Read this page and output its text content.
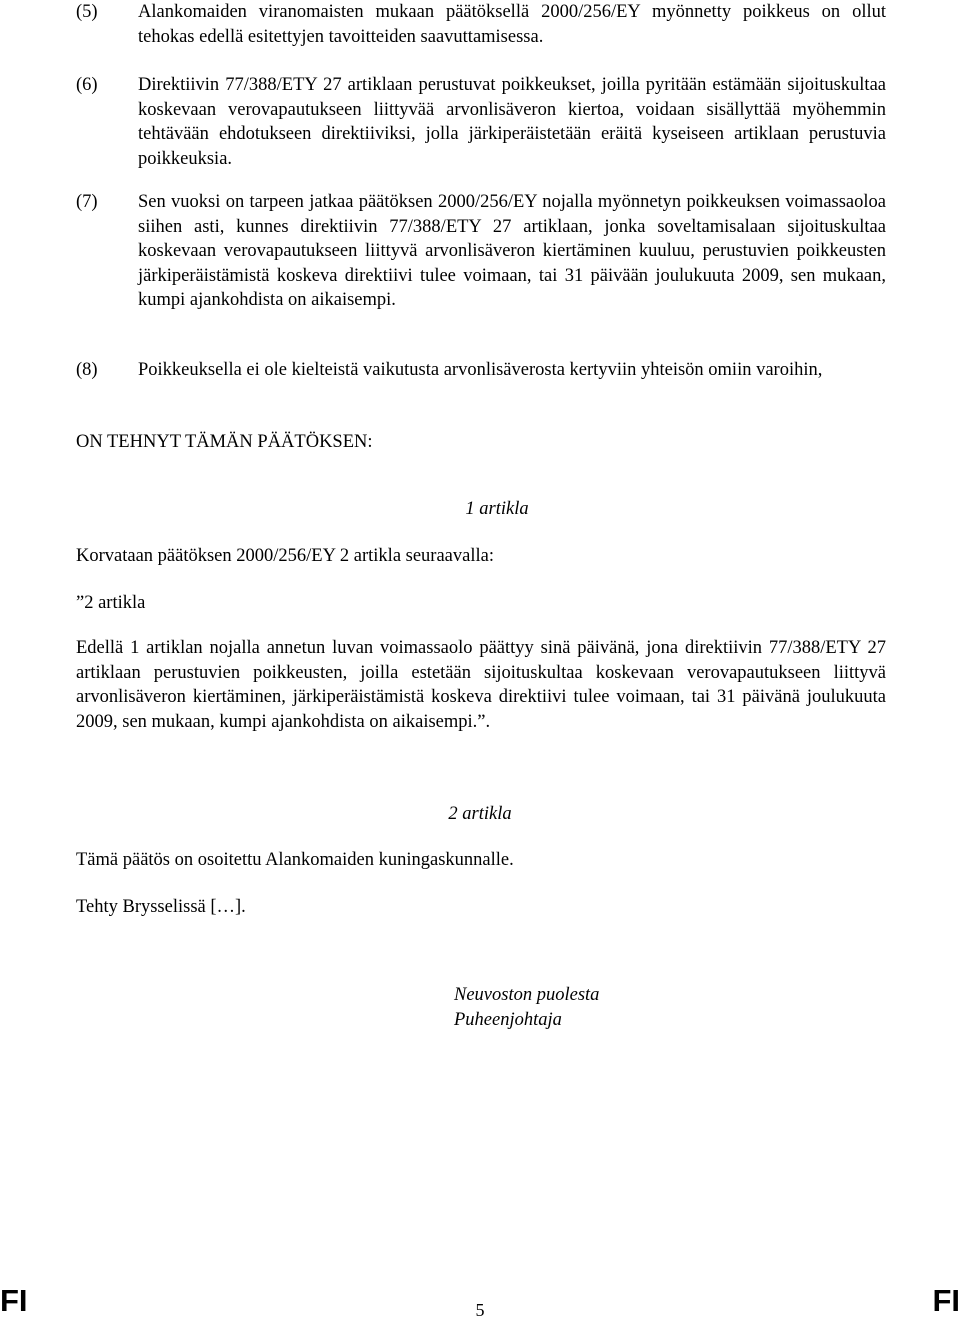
(5)	Alankomaiden viranomaisten mukaan päätöksellä 2000/256/EY myönnetty poikkeus on ollut tehokas edellä esitettyjen tavoitteiden saavuttamisessa.
(6)	Direktiivin 77/388/ETY 27 artiklaan perustuvat poikkeukset, joilla pyritään estämään sijoituskultaa koskevaan verovapautukseen liittyvää arvonlisäveron kiertoa, voidaan sisällyttää myöhemmin tehtävään ehdotukseen direktiiviksi, jolla järkiperäistetään eräitä kyseiseen artiklaan perustuvia poikkeuksia.
(7)	Sen vuoksi on tarpeen jatkaa päätöksen 2000/256/EY nojalla myönnetyn poikkeuksen voimassaoloa siihen asti, kunnes direktiivin 77/388/ETY 27 artiklaan, jonka soveltamisalaan sijoituskultaa koskevaan verovapautukseen liittyvä arvonlisäveron kiertäminen kuuluu, perustuvien poikkeusten järkiperäistämistä koskeva direktiivi tulee voimaan, tai 31 päivään joulukuuta 2009, sen mukaan, kumpi ajankohdista on aikaisempi.
(8)	Poikkeuksella ei ole kielteistä vaikutusta arvonlisäverosta kertyviin yhteisön omiin varoihin,
ON TEHNYT TÄMÄN PÄÄTÖKSEN:
1 artikla
Korvataan päätöksen 2000/256/EY 2 artikla seuraavalla:
”2 artikla
Edellä 1 artiklan nojalla annetun luvan voimassaolo päättyy sinä päivänä, jona direktiivin 77/388/ETY 27 artiklaan perustuvien poikkeusten, joilla estetään sijoituskultaa koskevaan verovapautukseen liittyvä arvonlisäveron kiertäminen, järkiperäistämistä koskeva direktiivi tulee voimaan, tai 31 päivänä joulukuuta 2009, sen mukaan, kumpi ajankohdista on aikaisempi.”.
2 artikla
Tämä päätös on osoitettu Alankomaiden kuningaskunnalle.
Tehty Brysselissä […].
Neuvoston puolesta
Puheenjohtaja
FI	5	FI
